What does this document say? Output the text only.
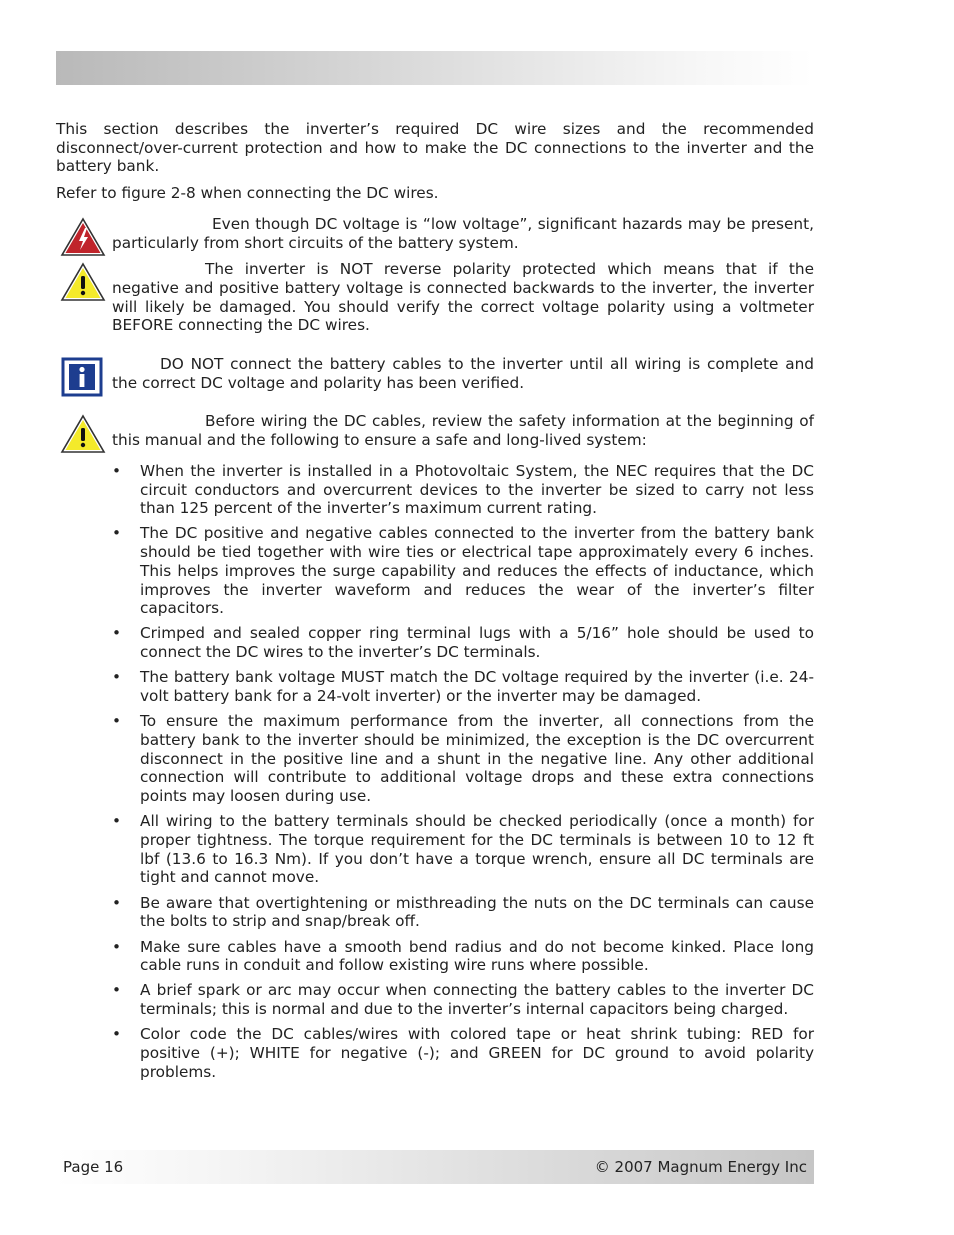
This section describes the inverter’s required DC wire sizes and the recommended disconnect/over-current protection and how to make the DC connections to the inverter and the battery bank.

Refer to figure 2-8 when connecting the DC wires.

Even though DC voltage is “low voltage”, significant hazards may be present, particularly from short circuits of the battery system.

The inverter is NOT reverse polarity protected which means that if the negative and positive battery voltage is connected backwards to the inverter, the inverter will likely be damaged. You should verify the correct voltage polarity using a voltmeter BEFORE connecting the DC wires.

DO NOT connect the battery cables to the inverter until all wiring is complete and the correct DC voltage and polarity has been verified.

Before wiring the DC cables, review the safety information at the beginning of this manual and the following to ensure a safe and long-lived system:

• When the inverter is installed in a Photovoltaic System, the NEC requires that the DC circuit conductors and overcurrent devices to the inverter be sized to carry not less than 125 percent of the inverter’s maximum current rating.
• The DC positive and negative cables connected to the inverter from the battery bank should be tied together with wire ties or electrical tape approximately every 6 inches. This helps improves the surge capability and reduces the effects of inductance, which improves the inverter waveform and reduces the wear of the inverter’s filter capacitors.
• Crimped and sealed copper ring terminal lugs with a 5/16” hole should be used to connect the DC wires to the inverter’s DC terminals.
• The battery bank voltage MUST match the DC voltage required by the inverter (i.e. 24-volt battery bank for a 24-volt inverter) or the inverter may be damaged.
• To ensure the maximum performance from the inverter, all connections from the battery bank to the inverter should be minimized, the exception is the DC overcurrent disconnect in the positive line and a shunt in the negative line. Any other additional connection will contribute to additional voltage drops and these extra connections points may loosen during use.
• All wiring to the battery terminals should be checked periodically (once a month) for proper tightness. The torque requirement for the DC terminals is between 10 to 12 ft lbf (13.6 to 16.3 Nm). If you don’t have a torque wrench, ensure all DC terminals are tight and cannot move.
• Be aware that overtightening or misthreading the nuts on the DC terminals can cause the bolts to strip and snap/break off.
• Make sure cables have a smooth bend radius and do not become kinked. Place long cable runs in conduit and follow existing wire runs where possible.
• A brief spark or arc may occur when connecting the battery cables to the inverter DC terminals; this is normal and due to the inverter’s internal capacitors being charged.
• Color code the DC cables/wires with colored tape or heat shrink tubing: RED for positive (+); WHITE for negative (-); and GREEN for DC ground to avoid polarity problems.
Page 16	© 2007 Magnum Energy Inc
